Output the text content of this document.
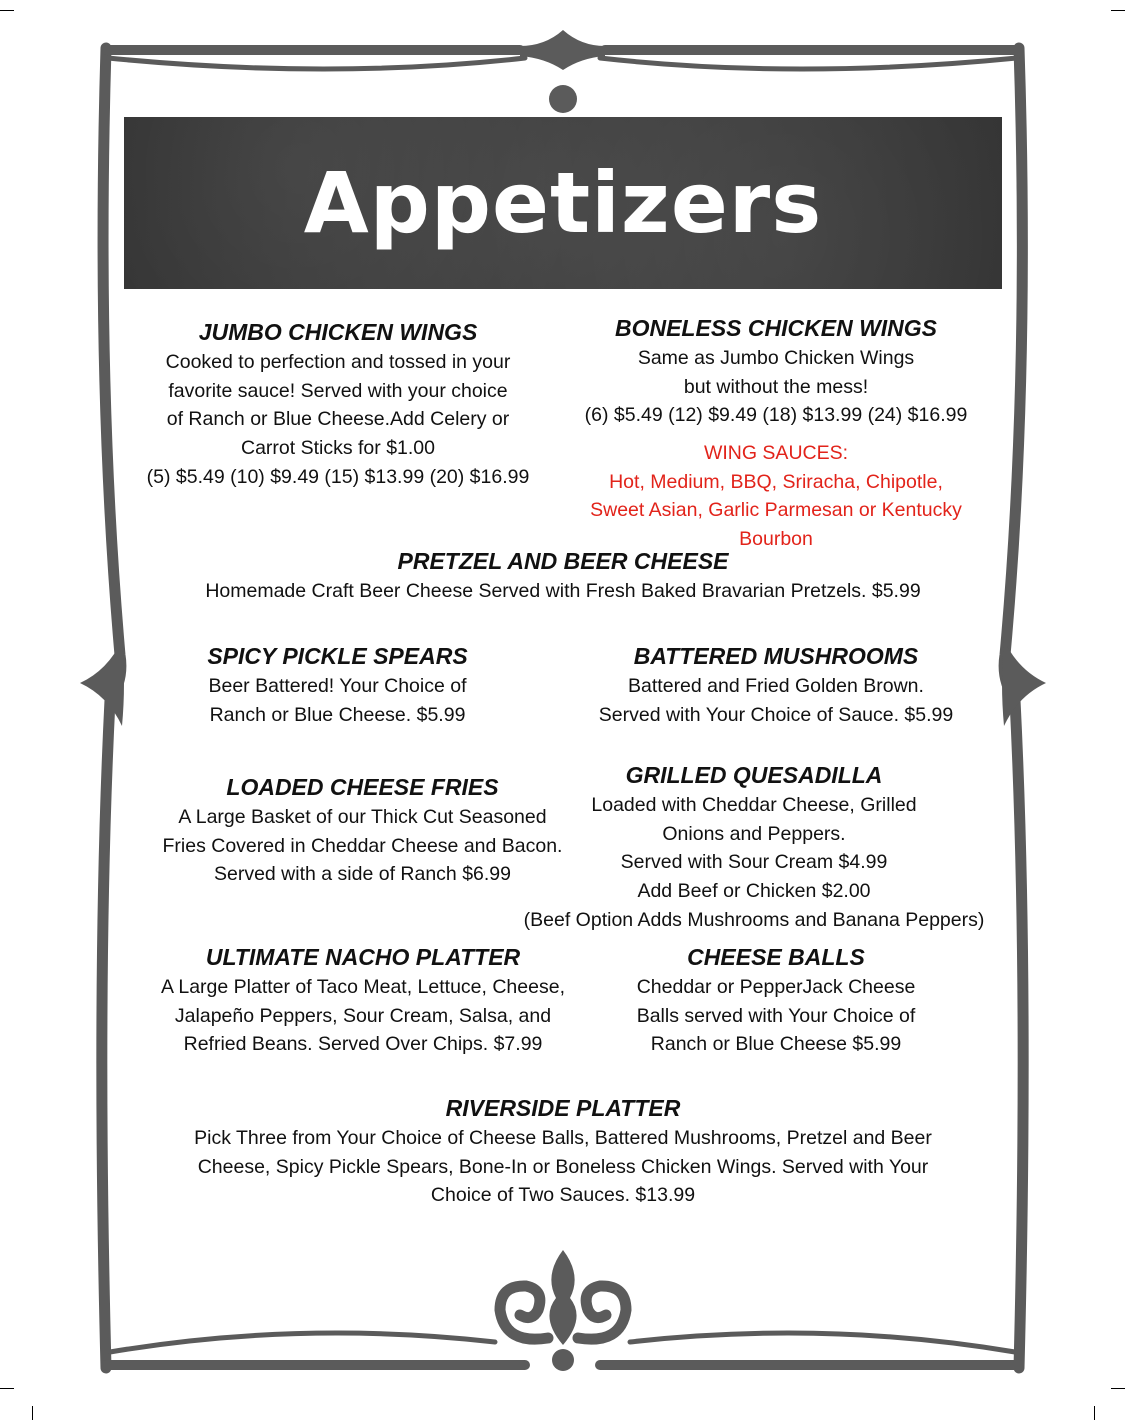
Appetizers
JUMBO CHICKEN WINGS

Cooked to perfection and tossed in your

favorite sauce! Served with your choice

of Ranch or Blue Cheese.Add Celery or

Carrot Sticks for $1.00

(5) $5.49 (10) $9.49 (15) $13.99 (20) $16.99

BONELESS CHICKEN WINGS

Same as Jumbo Chicken Wings

but without the mess!

(6) $5.49 (12) $9.49 (18) $13.99 (24) $16.99

WING SAUCES:

Hot, Medium, BBQ, Sriracha, Chipotle,

Sweet Asian, Garlic Parmesan or Kentucky

Bourbon

PRETZEL AND BEER CHEESE

Homemade Craft Beer Cheese Served with Fresh Baked Bravarian Pretzels. $5.99

SPICY PICKLE SPEARS

Beer Battered! Your Choice of

Ranch or Blue Cheese. $5.99

BATTERED MUSHROOMS

Battered and Fried Golden Brown.

Served with Your Choice of Sauce. $5.99

LOADED CHEESE FRIES

A Large Basket of our Thick Cut Seasoned

Fries Covered in Cheddar Cheese and Bacon.

Served with a side of Ranch $6.99

GRILLED QUESADILLA

Loaded with Cheddar Cheese, Grilled

Onions and Peppers.

Served with Sour Cream $4.99

Add Beef or Chicken $2.00

(Beef Option Adds Mushrooms and Banana Peppers)

ULTIMATE NACHO PLATTER

A Large Platter of Taco Meat, Lettuce, Cheese,

Jalapeño Peppers, Sour Cream, Salsa, and

Refried Beans. Served Over Chips. $7.99

CHEESE BALLS

Cheddar or PepperJack Cheese

Balls served with Your Choice of

Ranch or Blue Cheese $5.99

RIVERSIDE PLATTER

Pick Three from Your Choice of Cheese Balls, Battered Mushrooms, Pretzel and Beer

Cheese, Spicy Pickle Spears, Bone-In or Boneless Chicken Wings. Served with Your

Choice of Two Sauces. $13.99
